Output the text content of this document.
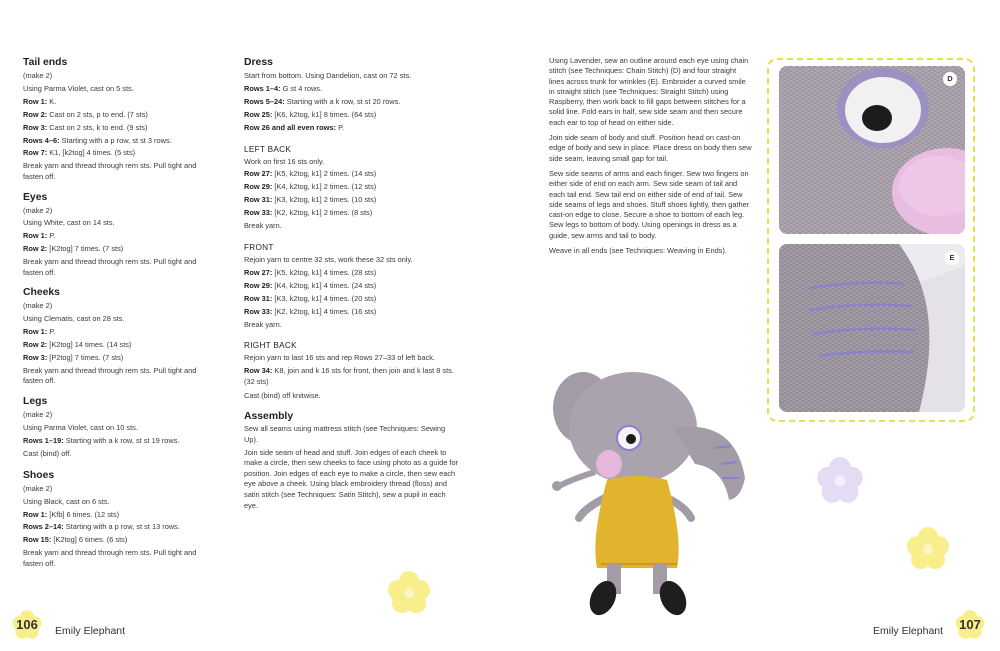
Tail ends
(make 2)
Using Parma Violet, cast on 5 sts.
Row 1: K.
Row 2: Cast on 2 sts, p to end. (7 sts)
Row 3: Cast on 2 sts, k to end. (9 sts)
Rows 4–6: Starting with a p row, st st 3 rows.
Row 7: K1, [k2tog] 4 times. (5 sts)
Break yarn and thread through rem sts. Pull tight and fasten off.
Eyes
(make 2)
Using White, cast on 14 sts.
Row 1: P.
Row 2: [K2tog] 7 times. (7 sts)
Break yarn and thread through rem sts. Pull tight and fasten off.
Cheeks
(make 2)
Using Clematis, cast on 28 sts.
Row 1: P.
Row 2: [K2tog] 14 times. (14 sts)
Row 3: [P2tog] 7 times. (7 sts)
Break yarn and thread through rem sts. Pull tight and fasten off.
Legs
(make 2)
Using Parma Violet, cast on 10 sts.
Rows 1–19: Starting with a k row, st st 19 rows.
Cast (bind) off.
Shoes
(make 2)
Using Black, cast on 6 sts.
Row 1: [Kfb] 6 times. (12 sts)
Rows 2–14: Starting with a p row, st st 13 rows.
Row 15: [K2tog] 6 times. (6 sts)
Break yarn and thread through rem sts. Pull tight and fasten off.
Dress
Start from bottom. Using Dandelion, cast on 72 sts.
Rows 1–4: G st 4 rows.
Rows 5–24: Starting with a k row, st st 20 rows.
Row 25: [K6, k2tog, k1] 8 times. (64 sts)
Row 26 and all even rows: P.
LEFT BACK
Work on first 16 sts only.
Row 27: [K5, k2tog, k1] 2 times. (14 sts)
Row 29: [K4, k2tog, k1] 2 times. (12 sts)
Row 31: [K3, k2tog, k1] 2 times. (10 sts)
Row 33: [K2, k2tog, k1] 2 times. (8 sts)
Break yarn.
FRONT
Rejoin yarn to centre 32 sts, work these 32 sts only.
Row 27: [K5, k2tog, k1] 4 times. (28 sts)
Row 29: [K4, k2tog, k1] 4 times. (24 sts)
Row 31: [K3, k2tog, k1] 4 times. (20 sts)
Row 33: [K2, k2tog, k1] 4 times. (16 sts)
Break yarn.
RIGHT BACK
Rejoin yarn to last 16 sts and rep Rows 27–33 of left back.
Row 34: K8, join and k 16 sts for front, then join and k last 8 sts. (32 sts)
Cast (bind) off knitwise.
Assembly
Sew all seams using mattress stitch (see Techniques: Sewing Up).
Join side seam of head and stuff. Join edges of each cheek to make a circle, then sew cheeks to face using photo as a guide for position. Join edges of each eye to make a circle, then sew each eye above a cheek. Using black embroidery thread (floss) and satin stitch (see Techniques: Satin Stitch), sew a pupil in each eye.
Using Lavender, sew an outline around each eye using chain stitch (see Techniques: Chain Stitch) (D) and four straight lines across trunk for wrinkles (E). Embroider a curved smile in straight stitch (see Techniques: Straight Stitch) using Raspberry, then work back to fill gaps between stitches for a solid line. Fold ears in half, sew side seam and then secure each ear to top of head on either side.
Join side seam of body and stuff. Position head on cast-on edge of body and sew in place. Place dress on body then sew side seam, leaving small gap for tail.
Sew side seams of arms and each finger. Sew two fingers on either side of end on each arm. Sew side seam of tail and each tail end. Sew tail end on either side of end of tail. Sew side seams of legs and shoes. Stuff shoes lightly, then gather cast-on edge to close. Secure a shoe to bottom of each leg. Sew legs to bottom of body. Using openings in dress as a guide, sew arms and tail to body.
Weave in all ends (see Techniques: Weaving in Ends).
D
E
106	Emily Elephant	Emily Elephant	107
